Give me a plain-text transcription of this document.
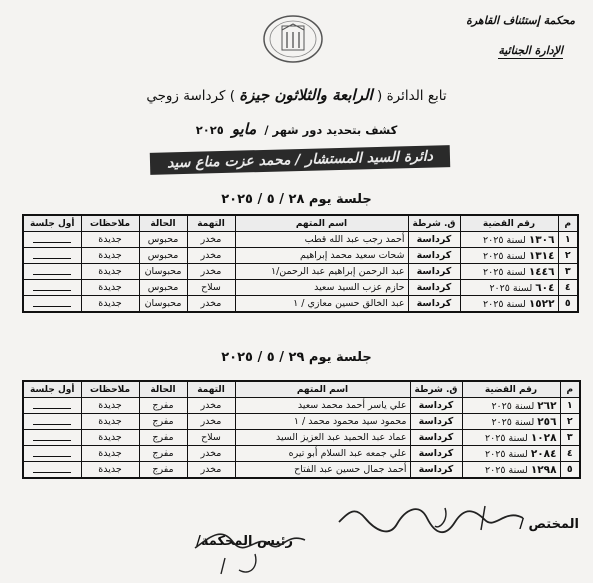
محكمة إستئناف القاهرة
الإدارة الجنائية
تابع الدائرة ( الرابعة والثلاثون جيزة ) كرداسة زوجي
كشف بتحديد دور شهر / مايو ٢٠٢٥
دائرة السيد المستشار / محمد عزت مناع سيد
جلسة يوم ٢٨ / ٥ / ٢٠٢٥
م	رقم القضية	ق. شرطة	اسم المتهم	التهمة	الحالة	ملاحظات	أول جلسة
١	١٣٠٦ لسنة ٢٠٢٥	كرداسة	أحمد رجب عبد الله قطب	مخدر	محبوس	جديدة	
٢	١٣١٤ لسنة ٢٠٢٥	كرداسة	شحات سعيد محمد إبراهيم	مخدر	محبوس	جديدة	
٣	١٤٤٦ لسنة ٢٠٢٥	كرداسة	عبد الرحمن إبراهيم عبد الرحمن/١	مخدر	محبوسان	جديدة	
٤	٦٠٤ لسنة ٢٠٢٥	كرداسة	حازم عزب السيد سعيد	سلاح	محبوس	جديدة	
٥	١٥٢٢ لسنة ٢٠٢٥	كرداسة	عبد الخالق حسين معازي / ١	مخدر	محبوسان	جديدة	
جلسة يوم ٢٩ / ٥ / ٢٠٢٥
م	رقم القضية	ق. شرطة	اسم المتهم	التهمة	الحالة	ملاحظات	أول جلسة
١	٢٦٢ لسنة ٢٠٢٥	كرداسة	علي ياسر أحمد محمد سعيد	مخدر	مفرج	جديدة	
٢	٢٥٦ لسنة ٢٠٢٥	كرداسة	محمود سيد محمود محمد / ١	مخدر	مفرج	جديدة	
٣	١٠٢٨ لسنة ٢٠٢٥	كرداسة	عماد عبد الحميد عبد العزيز السيد	سلاح	مفرج	جديدة	
٤	٢٠٨٤ لسنة ٢٠٢٥	كرداسة	علي جمعه عبد السلام أبو تيره	مخدر	مفرج	جديدة	
٥	١٢٩٨ لسنة ٢٠٢٥	كرداسة	أحمد جمال حسين عبد الفتاح	مخدر	مفرج	جديدة	
المختص /
رئيس المحكمة/
